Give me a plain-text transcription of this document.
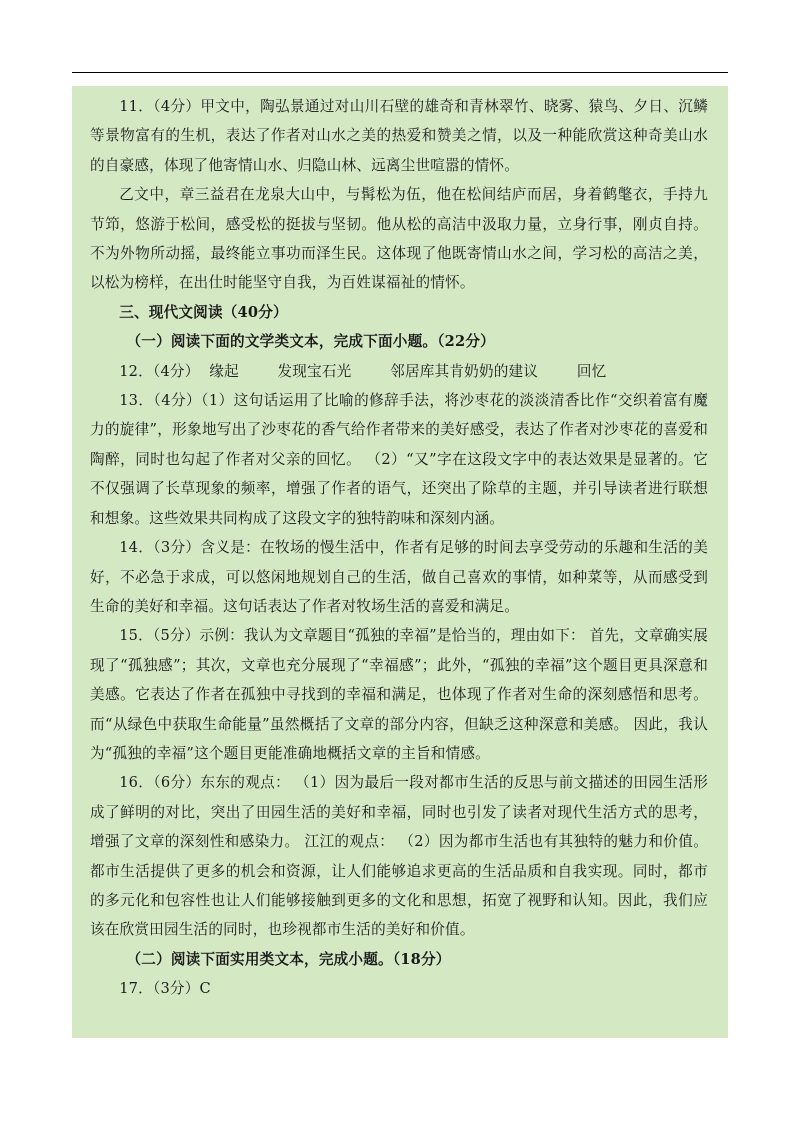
11．（4分）甲文中，陶弘景通过对山川石壁的雄奇和青林翠竹、晓雾、猿鸟、夕日、沉鳞等景物富有的生机，表达了作者对山水之美的热爱和赞美之情，以及一种能欣赏这种奇美山水的自豪感，体现了他寄情山水、归隐山林、远离尘世喧嚣的情怀。

乙文中，章三益君在龙泉大山中，与髯松为伍，他在松间结庐而居，身着鹤氅衣，手持九节笻，悠游于松间，感受松的挺拔与坚韧。他从松的高洁中汲取力量，立身行事，刚贞自持。不为外物所动摇，最终能立事功而泽生民。这体现了他既寄情山水之间，学习松的高洁之美，以松为榜样，在出仕时能坚守自我，为百姓谋福祉的情怀。

三、现代文阅读（40分）

（一）阅读下面的文学类文本，完成下面小题。（22分）

12．（4分）  缘起        发现宝石光        邻居库其肯奶奶的建议        回忆

13．（4分）（1）这句话运用了比喻的修辞手法，将沙枣花的淡淡清香比作“交织着富有魔力的旋律”，形象地写出了沙枣花的香气给作者带来的美好感受，表达了作者对沙枣花的喜爱和陶醉，同时也勾起了作者对父亲的回忆。 （2）“又”字在这段文字中的表达效果是显著的。它不仅强调了长草现象的频率，增强了作者的语气，还突出了除草的主题，并引导读者进行联想和想象。这些效果共同构成了这段文字的独特韵味和深刻内涵。

14．（3分）含义是：在牧场的慢生活中，作者有足够的时间去享受劳动的乐趣和生活的美好，不必急于求成，可以悠闲地规划自己的生活，做自己喜欢的事情，如种菜等，从而感受到生命的美好和幸福。这句话表达了作者对牧场生活的喜爱和满足。

15．（5分）示例：我认为文章题目“孤独的幸福”是恰当的，理由如下： 首先，文章确实展现了“孤独感”；其次，文章也充分展现了“幸福感”；此外，“孤独的幸福”这个题目更具深意和美感。它表达了作者在孤独中寻找到的幸福和满足，也体现了作者对生命的深刻感悟和思考。而“从绿色中获取生命能量”虽然概括了文章的部分内容，但缺乏这种深意和美感。 因此，我认为“孤独的幸福”这个题目更能准确地概括文章的主旨和情感。

16．（6分）东东的观点： （1）因为最后一段对都市生活的反思与前文描述的田园生活形成了鲜明的对比，突出了田园生活的美好和幸福，同时也引发了读者对现代生活方式的思考，增强了文章的深刻性和感染力。 江江的观点： （2）因为都市生活也有其独特的魅力和价值。都市生活提供了更多的机会和资源，让人们能够追求更高的生活品质和自我实现。同时，都市的多元化和包容性也让人们能够接触到更多的文化和思想，拓宽了视野和认知。因此，我们应该在欣赏田园生活的同时，也珍视都市生活的美好和价值。

（二）阅读下面实用类文本，完成小题。（18分）

17．（3分）C
